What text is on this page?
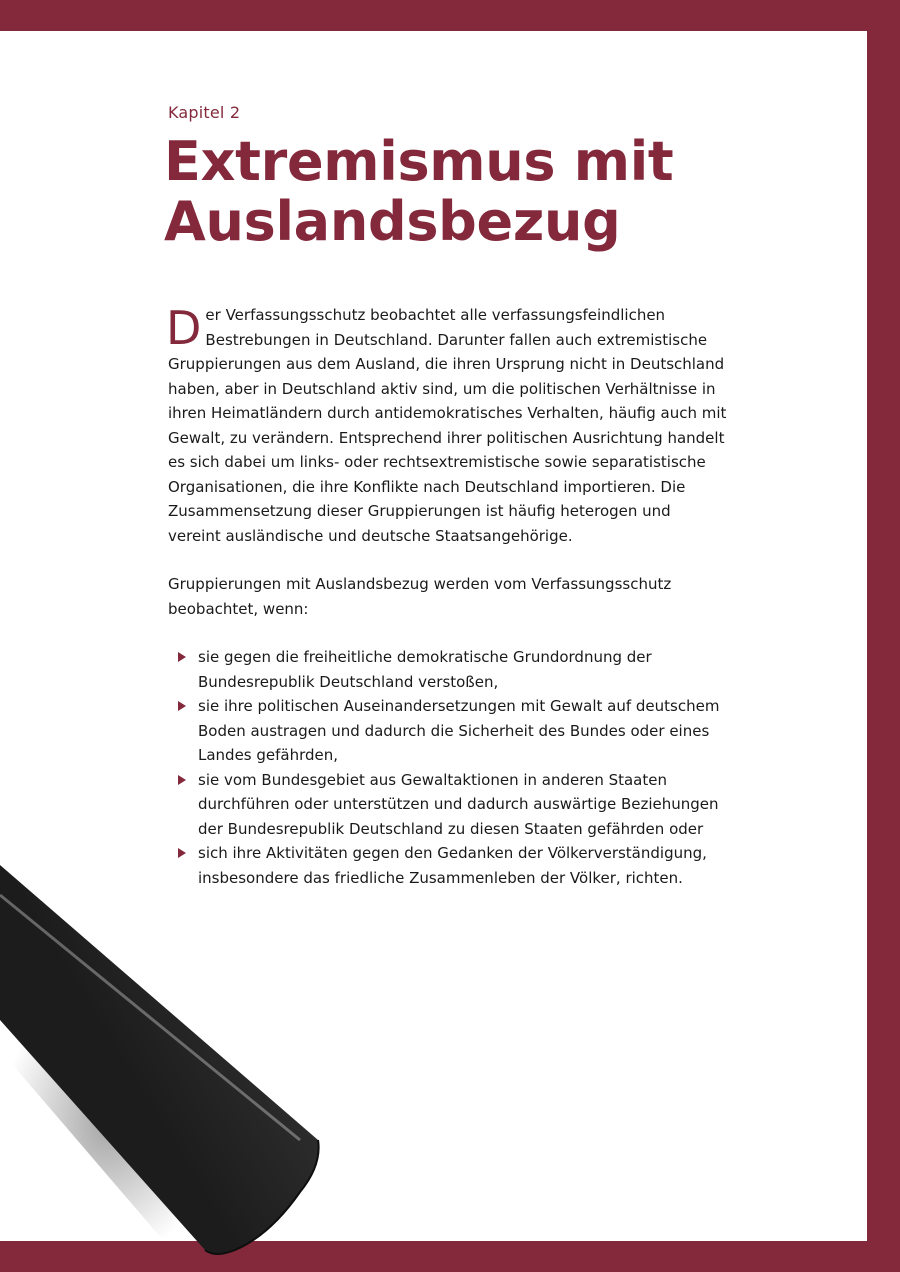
Kapitel 2
Extremismus mit
Auslandsbezug

Der Verfassungsschutz beobachtet alle verfassungsfeindlichen Bestrebungen in Deutschland. Darunter fallen auch extremistische Gruppierungen aus dem Ausland, die ihren Ursprung nicht in Deutschland haben, aber in Deutschland aktiv sind, um die politischen Verhältnisse in ihren Heimatländern durch antidemokratisches Verhalten, häufig auch mit Gewalt, zu verändern. Entsprechend ihrer politischen Ausrichtung handelt es sich dabei um links- oder rechtsextremistische sowie separatistische Organisationen, die ihre Konflikte nach Deutschland importieren. Die Zusammensetzung dieser Gruppierungen ist häufig heterogen und vereint ausländische und deutsche Staatsangehörige.

Gruppierungen mit Auslandsbezug werden vom Verfassungsschutz beobachtet, wenn:

sie gegen die freiheitliche demokratische Grundordnung der Bundesrepublik Deutschland verstoßen,
sie ihre politischen Auseinandersetzungen mit Gewalt auf deutschem Boden austragen und dadurch die Sicherheit des Bundes oder eines Landes gefährden,
sie vom Bundesgebiet aus Gewaltaktionen in anderen Staaten durchführen oder unterstützen und dadurch auswärtige Beziehungen der Bundesrepublik Deutschland zu diesen Staaten gefährden oder
sich ihre Aktivitäten gegen den Gedanken der Völkerverständigung, insbesondere das friedliche Zusammenleben der Völker, richten.
